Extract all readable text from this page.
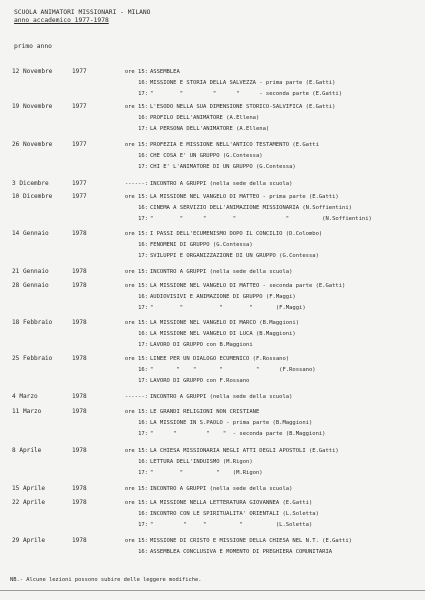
SCUOLA ANIMATORI MISSIONARI - MILANO
anno accademico 1977-1978
primo anno
12 Novembre	1977	ore 15: ASSEMBLEA
16: MISSIONE E STORIA DELLA SALVEZZA - prima parte (E.Gatti)
17: "        "         "      "      - seconda parte (E.Gatti)
19 Novembre	1977	ore 15: L'ESODO NELLA SUA DIMENSIONE STORICO-SALVIFICA (E.Gatti)
16: PROFILO DELL'ANIMATORE (A.Ellena)
17: LA PERSONA DELL'ANIMATORE (A.Ellena)
26 Novembre	1977	ore 15: PROFEZIA E MISSIONE NELL'ANTICO TESTAMENTO (E.Gatti
16: CHE COSA E' UN GRUPPO (G.Contessa)
17: CHI E' L'ANIMATORE DI UN GRUPPO (G.Contessa)
3 Dicembre	1977	------: INCONTRO A GRUPPI (nella sede della scuola)
10 Dicembre	1977	ore 15: LA MISSIONE NEL VANGELO DI MATTEO - prima parte (E.Gatti)
16: CINEMA A SERVIZIO DELL'ANIMAZIONE MISSIONARIA (N.Soffientini)
17: "        "      "        "               "          (N.Soffientini)
14 Gennaio	1978	ore 15: I PASSI DELL'ECUMENISMO DOPO IL CONCILIO (D.Colombo)
16: FENOMENI DI GRUPPO (G.Contessa)
17: SVILUPPI E ORGANIZZAZIONE DI UN GRUPPO (G.Contessa)
21 Gennaio	1978	ore 15: INCONTRO A GRUPPI (nella sede della scuola)
28 Gennaio	1978	ore 15: LA MISSIONE NEL VANGELO DI MATTEO - seconda parte (E.Gatti)
16: AUDIOVISIVI E ANIMAZIONE DI GRUPPO (F.Maggi)
17: "        "           "        "       (F.Maggi)
18 Febbraio	1978	ore 15: LA MISSIONE NEL VANGELO DI MARCO (B.Maggioni)
16: LA MISSIONE NEL VANGELO DI LUCA (B.Maggioni)
17: LAVORO DI GRUPPO con B.Maggioni
25 Febbraio	1978	ore 15: LINEE PER UN DIALOGO ECUMENICO (F.Rossano)
16: "       "    "       "          "      (F.Rossano)
17: LAVORO DI GRUPPO con F.Rossano
4 Marzo	1978	------: INCONTRO A GRUPPI (nella sede della scuola)
11 Marzo	1978	ore 15: LE GRANDI RELIGIONI NON CRISTIANE
16: LA MISSIONE IN S.PAOLO - prima parte (B.Maggioni)
17: "      "         "    "  - seconda parte (B.Maggioni)
8 Aprile	1978	ore 15: LA CHIESA MISSIONARIA NEGLI ATTI DEGLI APOSTOLI (E.Gatti)
16: LETTURA DELL'INDUISMO (M.Rigon)
17: "        "          "    (M.Rigon)
15 Aprile	1978	ore 15: INCONTRO A GRUPPI (nella sede della scuola)
22 Aprile	1978	ore 15: LA MISSIONE NELLA LETTERATURA GIOVANNEA (E.Gatti)
16: INCONTRO CON LE SPIRITUALITA' ORIENTALI (L.Soletta)
17: "         "     "          "          (L.Soletta)
29 Aprile	1978	ore 15: MISSIONE DI CRISTO E MISSIONE DELLA CHIESA NEL N.T. (E.Gatti)
16: ASSEMBLEA CONCLUSIVA E MOMENTO DI PREGHIERA COMUNITARIA
NB.- Alcune lezioni possono subire delle leggere modifiche.
